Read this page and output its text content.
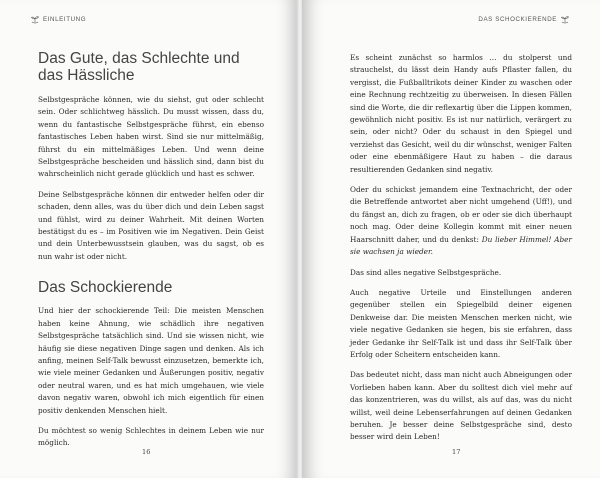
EINLEITUNG
Das Gute, das Schlechte und das Hässliche

Selbstgespräche können, wie du siehst, gut oder schlecht sein. Oder schlichtweg hässlich. Du musst wissen, dass du, wenn du fantastische Selbstgespräche führst, ein ebenso fantastisches Leben haben wirst. Sind sie nur mittelmäßig, führst du ein mittelmäßiges Leben. Und wenn deine Selbstgespräche bescheiden und hässlich sind, dann bist du wahrscheinlich nicht gerade glücklich und hast es schwer.

Deine Selbstgespräche können dir entweder helfen oder dir schaden, denn alles, was du über dich und dein Leben sagst und fühlst, wird zu deiner Wahrheit. Mit deinen Worten bestätigst du es – im Positiven wie im Negativen. Dein Geist und dein Unterbewusstsein glauben, was du sagst, ob es nun wahr ist oder nicht.

Das Schockierende

Und hier der schockierende Teil: Die meisten Menschen haben keine Ahnung, wie schädlich ihre negativen Selbstgespräche tatsächlich sind. Und sie wissen nicht, wie häufig sie diese negativen Dinge sagen und denken. Als ich anfing, meinen Self-Talk bewusst einzusetzen, bemerkte ich, wie viele meiner Gedanken und Äußerungen positiv, negativ oder neutral waren, und es hat mich umgehauen, wie viele davon negativ waren, obwohl ich mich eigentlich für einen positiv denkenden Menschen hielt.

Du möchtest so wenig Schlechtes in deinem Leben wie nur möglich.

16
DAS SCHOCKIERENDE

Es scheint zunächst so harmlos … du stolperst und strauchelst, du lässt dein Handy aufs Pflaster fallen, du vergisst, die Fußballtrikots deiner Kinder zu waschen oder eine Rechnung rechtzeitig zu überweisen. In diesen Fällen sind die Worte, die dir reflexartig über die Lippen kommen, gewöhnlich nicht positiv. Es ist nur natürlich, verärgert zu sein, oder nicht? Oder du schaust in den Spiegel und verziehst das Gesicht, weil du dir wünschst, weniger Falten oder eine ebenmäßigere Haut zu haben – die daraus resultierenden Gedanken sind negativ.

Oder du schickst jemandem eine Textnachricht, der oder die Betreffende antwortet aber nicht umgehend (Uff!), und du fängst an, dich zu fragen, ob er oder sie dich überhaupt noch mag. Oder deine Kollegin kommt mit einer neuen Haarschnitt daher, und du denkst: Du lieber Himmel! Aber sie wachsen ja wieder.

Das sind alles negative Selbstgespräche.

Auch negative Urteile und Einstellungen anderen gegenüber stellen ein Spiegelbild deiner eigenen Denkweise dar. Die meisten Menschen merken nicht, wie viele negative Gedanken sie hegen, bis sie erfahren, dass jeder Gedanke ihr Self-Talk ist und dass ihr Self-Talk über Erfolg oder Scheitern entscheiden kann.

Das bedeutet nicht, dass man nicht auch Abneigungen oder Vorlieben haben kann. Aber du solltest dich viel mehr auf das konzentrieren, was du willst, als auf das, was du nicht willst, weil deine Lebenserfahrungen auf deinen Gedanken beruhen. Je besser deine Selbstgespräche sind, desto besser wird dein Leben!

17
